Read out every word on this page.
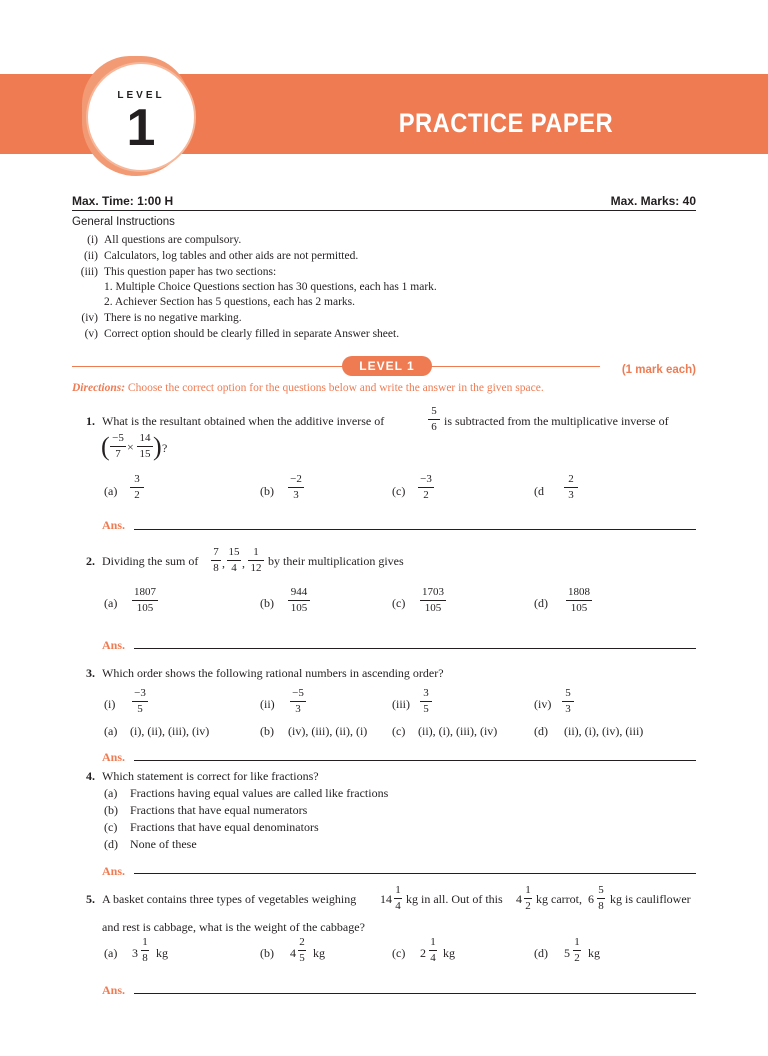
PRACTICE PAPER
LEVEL
1
Max. Time: 1:00 H	Max. Marks: 40
General Instructions
(i) All questions are compulsory.
(ii) Calculators, log tables and other aids are not permitted.
(iii) This question paper has two sections:
1. Multiple Choice Questions section has 30 questions, each has 1 mark.
2. Achiever Section has 5 questions, each has 2 marks.
(iv) There is no negative marking.
(v) Correct option should be clearly filled in separate Answer sheet.
LEVEL 1	(1 mark each)
Directions: Choose the correct option for the questions below and write the answer in the given space.
1. What is the resultant obtained when the additive inverse of
5
6 is subtracted from the multiplicative inverse of
( −5
7 ×
14
15 ) ?
(a)
3
2	(b)
−2
3	(c)
−3
2	(d
2
3
Ans.
2. Dividing the sum of
7
8 ,
15
4 ,
1
12 by their multiplication gives
(a)
1807
105	(b)
944
105	(c)
1703
105	(d)
1808
105
Ans.
3. Which order shows the following rational numbers in ascending order?
(i)
−3
5	(ii)
−5
3	(iii)
3
5	(iv)
5
3
(a) (i), (ii), (iii), (iv)	(b) (iv), (iii), (ii), (i) (c) (ii), (i), (iii), (iv)	(d) (ii), (i), (iv), (iii)
Ans.
4. Which statement is correct for like fractions?
(a) Fractions having equal values are called like fractions
(b) Fractions that have equal numerators
(c) Fractions that have equal denominators
(d) None of these
Ans.
5. A basket contains three types of vegetables weighing 14
1
4 kg in all. Out of this 4
1
2 kg carrot, 6
5
8 kg is cauliflower
and rest is cabbage, what is the weight of the cabbage?
(a) 3
1
8 kg	(b) 4
2
5 kg	(c) 2
1
4 kg	(d) 5
1
2 kg
Ans.
